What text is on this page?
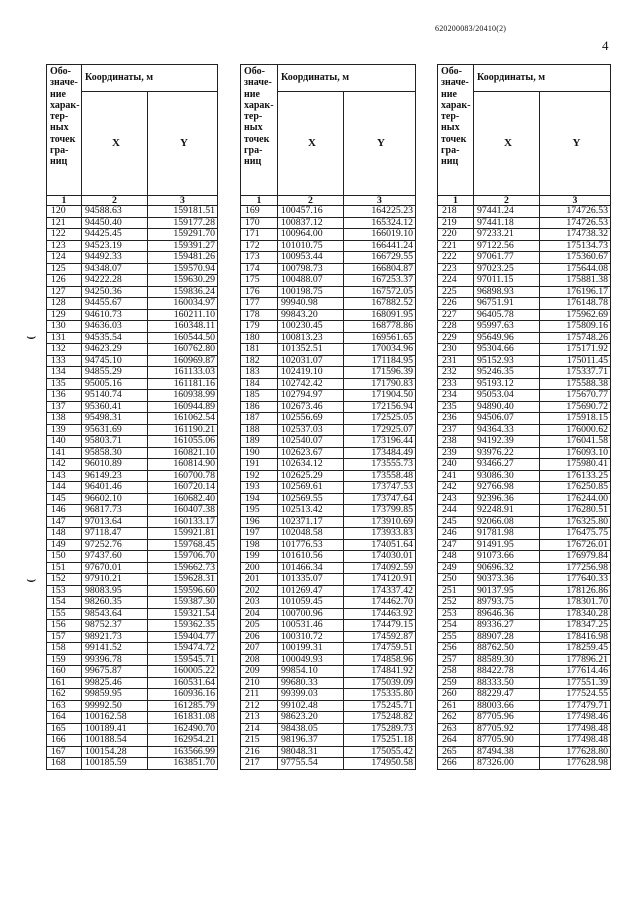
620200083/20410(2)
4
⌣
⌣
Обо-значе-ние харак-тер-ных точек гра-ниц	Координаты, м	
	X	Y
1	2	3
120	94588.63	159181.51
121	94450.40	159177.28
122	94425.45	159291.70
123	94523.19	159391.27
124	94492.33	159481.26
125	94348.07	159570.94
126	94222.28	159630.29
127	94250.36	159836.24
128	94455.67	160034.97
129	94610.73	160211.10
130	94636.03	160348.11
131	94535.54	160544.50
132	94623.29	160762.80
133	94745.10	160969.87
134	94855.29	161133.03
135	95005.16	161181.16
136	95140.74	160938.99
137	95360.41	160944.89
138	95498.31	161062.54
139	95631.69	161190.21
140	95803.71	161055.06
141	95858.30	160821.10
142	96010.89	160814.90
143	96149.23	160700.78
144	96401.46	160720.14
145	96602.10	160682.40
146	96817.73	160407.38
147	97013.64	160133.17
148	97118.47	159921.81
149	97252.76	159768.45
150	97437.60	159706.70
151	97670.01	159662.73
152	97910.21	159628.31
153	98083.95	159596.60
154	98260.35	159387.30
155	98543.64	159321.54
156	98752.37	159362.35
157	98921.73	159404.77
158	99141.52	159474.72
159	99396.78	159545.71
160	99675.87	160005.22
161	99825.46	160531.64
162	99859.95	160936.16
163	99992.50	161285.79
164	100162.58	161831.08
165	100189.41	162490.70
166	100188.54	162954.21
167	100154.28	163566.99
168	100185.59	163851.70
Обо-значе-ние харак-тер-ных точек гра-ниц	Координаты, м	
	X	Y
1	2	3
169	100457.16	164225.23
170	100837.12	165324.12
171	100964.00	166019.10
172	101010.75	166441.24
173	100953.44	166729.55
174	100798.73	166804.87
175	100488.07	167253.37
176	100198.75	167572.05
177	99940.98	167882.52
178	99843.20	168091.95
179	100230.45	168778.86
180	100813.23	169561.65
181	101352.51	170034.96
182	102031.07	171184.95
183	102419.10	171596.39
184	102742.42	171790.83
185	102794.97	171904.50
186	102673.46	172156.94
187	102556.69	172525.05
188	102537.03	172925.07
189	102540.07	173196.44
190	102623.67	173484.49
191	102634.12	173555.73
192	102625.29	173558.48
193	102569.61	173747.53
194	102569.55	173747.64
195	102513.42	173799.85
196	102371.17	173910.69
197	102048.58	173933.83
198	101776.53	174051.64
199	101610.56	174030.01
200	101466.34	174092.59
201	101335.07	174120.91
202	101269.47	174337.42
203	101059.45	174462.70
204	100700.96	174463.92
205	100531.46	174479.15
206	100310.72	174592.87
207	100199.31	174759.51
208	100049.93	174858.96
209	99854.10	174841.92
210	99680.33	175039.09
211	99399.03	175335.80
212	99102.48	175245.71
213	98623.20	175248.82
214	98438.05	175289.73
215	98196.37	175251.18
216	98048.31	175055.42
217	97755.54	174950.58
Обо-значе-ние харак-тер-ных точек гра-ниц	Координаты, м	
	X	Y
1	2	3
218	97441.24	174726.53
219	97441.18	174726.53
220	97233.21	174738.32
221	97122.56	175134.73
222	97061.77	175360.67
223	97023.25	175644.08
224	97011.15	175881.38
225	96898.93	176196.17
226	96751.91	176148.78
227	96405.78	175962.69
228	95997.63	175809.16
229	95649.96	175748.26
230	95304.66	175171.92
231	95152.93	175011.45
232	95246.35	175337.71
233	95193.12	175588.38
234	95053.04	175670.77
235	94890.40	175690.72
236	94506.07	175918.15
237	94364.33	176000.62
238	94192.39	176041.58
239	93976.22	176093.10
240	93466.27	175980.41
241	93086.30	176133.25
242	92766.98	176250.85
243	92396.36	176244.00
244	92248.91	176280.51
245	92066.08	176325.80
246	91781.98	176475.75
247	91491.95	176726.01
248	91073.66	176979.84
249	90696.32	177256.98
250	90373.36	177640.33
251	90137.95	178126.86
252	89793.75	178301.70
253	89646.36	178340.28
254	89336.27	178347.25
255	88907.28	178416.98
256	88762.50	178259.45
257	88589.30	177896.21
258	88422.78	177614.46
259	88333.50	177551.39
260	88229.47	177524.55
261	88003.66	177479.71
262	87705.96	177498.46
263	87705.92	177498.48
264	87705.90	177498.48
265	87494.38	177628.80
266	87326.00	177628.98
